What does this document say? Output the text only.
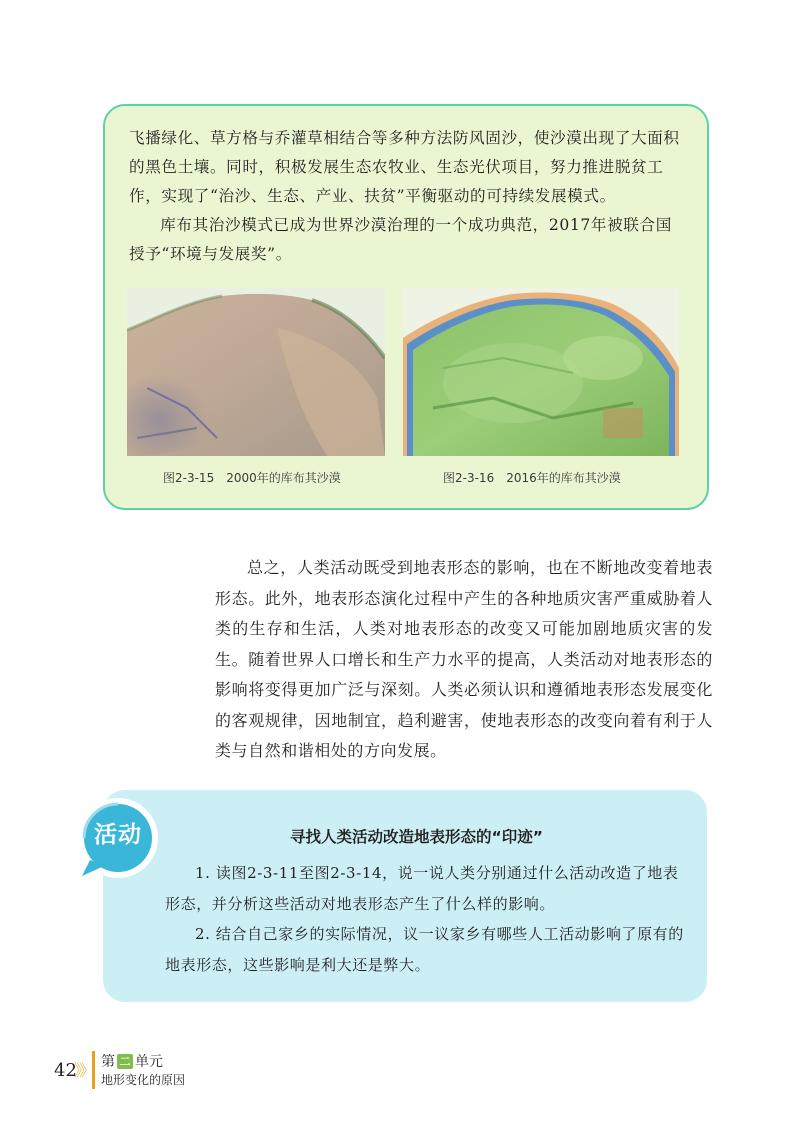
飞播绿化、草方格与乔灌草相结合等多种方法防风固沙，使沙漠出现了大面积的黑色土壤。同时，积极发展生态农牧业、生态光伏项目，努力推进脱贫工作，实现了“治沙、生态、产业、扶贫”平衡驱动的可持续发展模式。

库布其治沙模式已成为世界沙漠治理的一个成功典范，2017年被联合国授予“环境与发展奖”。

图2-3-15　2000年的库布其沙漠	图2-3-16　2016年的库布其沙漠

总之，人类活动既受到地表形态的影响，也在不断地改变着地表形态。此外，地表形态演化过程中产生的各种地质灾害严重威胁着人类的生存和生活，人类对地表形态的改变又可能加剧地质灾害的发生。随着世界人口增长和生产力水平的提高，人类活动对地表形态的影响将变得更加广泛与深刻。人类必须认识和遵循地表形态发展变化的客观规律，因地制宜，趋利避害，使地表形态的改变向着有利于人类与自然和谐相处的方向发展。

活动	寻找人类活动改造地表形态的“印迹”

1. 读图2-3-11至图2-3-14，说一说人类分别通过什么活动改造了地表形态，并分析这些活动对地表形态产生了什么样的影响。

2. 结合自己家乡的实际情况，议一议家乡有哪些人工活动影响了原有的地表形态，这些影响是利大还是弊大。

42
》》 第 二 单元
地形变化的原因
